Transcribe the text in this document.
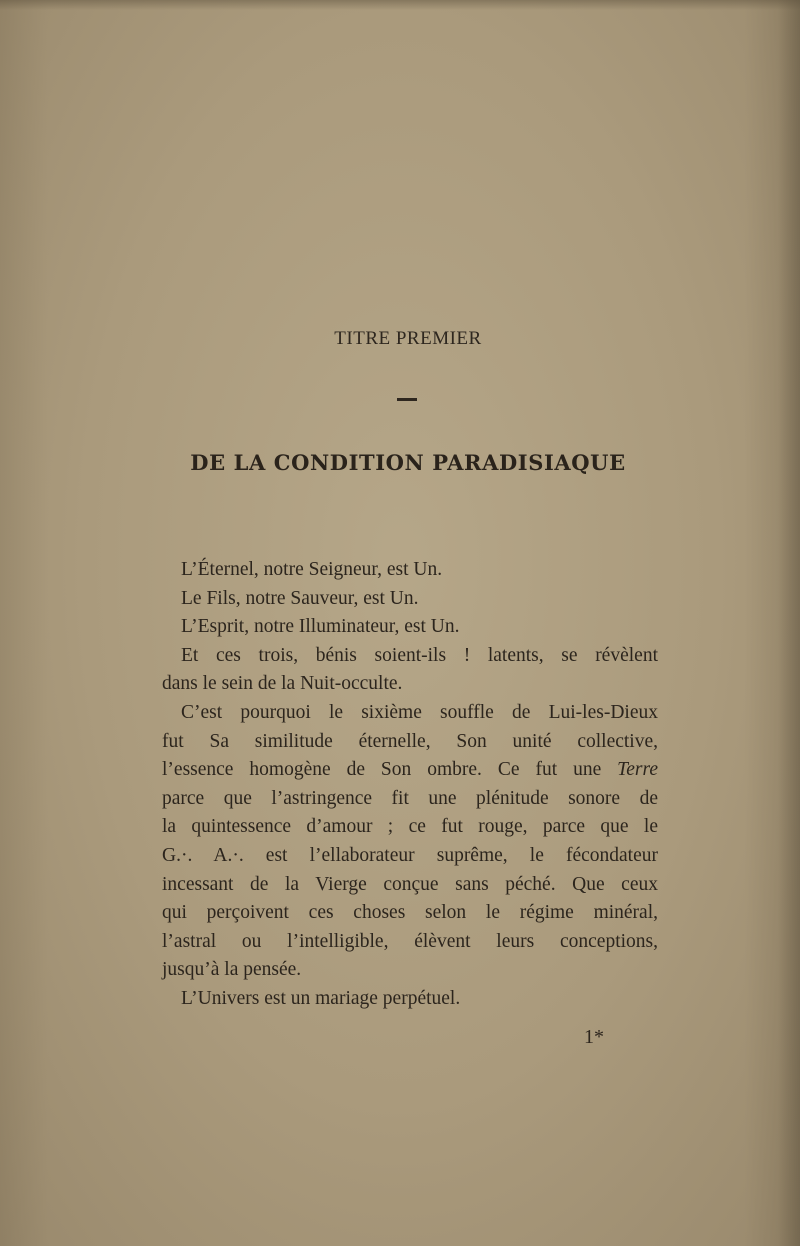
TITRE PREMIER
DE LA CONDITION PARADISIAQUE
L’Éternel, notre Seigneur, est Un.
Le Fils, notre Sauveur, est Un.
L’Esprit, notre Illuminateur, est Un.
Et ces trois, bénis soient-ils ! latents, se révèlent
dans le sein de la Nuit-occulte.
C’est pourquoi le sixième souffle de Lui-les-Dieux
fut Sa similitude éternelle, Son unité collective,
l’essence homogène de Son ombre. Ce fut une Terre
parce que l’astringence fit une plénitude sonore de
la quintessence d’amour ; ce fut rouge, parce que le
G.·. A.·. est l’ellaborateur suprême, le fécondateur
incessant de la Vierge conçue sans péché. Que ceux
qui perçoivent ces choses selon le régime minéral,
l’astral ou l’intelligible, élèvent leurs conceptions,
jusqu’à la pensée.
L’Univers est un mariage perpétuel.
1*
